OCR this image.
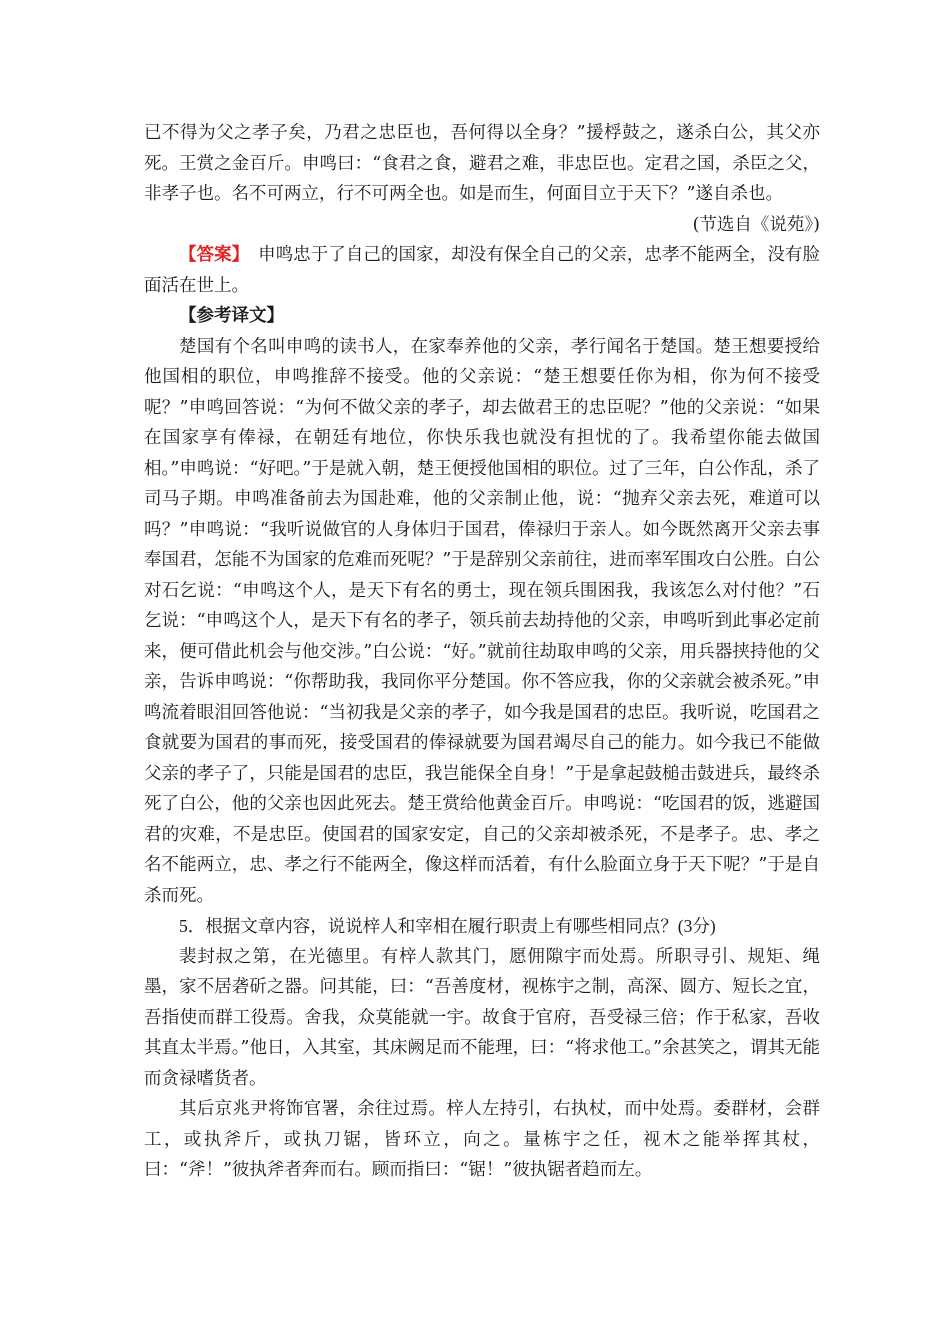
已不得为父之孝子矣，乃君之忠臣也，吾何得以全身？”援桴鼓之，遂杀白公，其父亦死。王赏之金百斤。申鸣曰：“食君之食，避君之难，非忠臣也。定君之国，杀臣之父，非孝子也。名不可两立，行不可两全也。如是而生，何面目立于天下？”遂自杀也。

(节选自《说苑》)

【答案】　 申鸣忠于了自己的国家，却没有保全自己的父亲，忠孝不能两全，没有脸面活在世上。

【参考译文】

楚国有个名叫申鸣的读书人，在家奉养他的父亲，孝行闻名于楚国。楚王想要授给他国相的职位，申鸣推辞不接受。他的父亲说：“楚王想要任你为相，你为何不接受呢？”申鸣回答说：“为何不做父亲的孝子，却去做君王的忠臣呢？”他的父亲说：“如果在国家享有俸禄，在朝廷有地位，你快乐我也就没有担忧的了。我希望你能去做国相。”申鸣说：“好吧。”于是就入朝，楚王便授他国相的职位。过了三年，白公作乱，杀了司马子期。申鸣准备前去为国赴难，他的父亲制止他，说：“抛弃父亲去死，难道可以吗？”申鸣说：“我听说做官的人身体归于国君，俸禄归于亲人。如今既然离开父亲去事奉国君，怎能不为国家的危难而死呢？”于是辞别父亲前往，进而率军围攻白公胜。白公对石乞说：“申鸣这个人，是天下有名的勇士，现在领兵围困我，我该怎么对付他？”石乞说：“申鸣这个人，是天下有名的孝子，领兵前去劫持他的父亲，申鸣听到此事必定前来，便可借此机会与他交涉。”白公说：“好。”就前往劫取申鸣的父亲，用兵器挟持他的父亲，告诉申鸣说：“你帮助我，我同你平分楚国。你不答应我，你的父亲就会被杀死。”申鸣流着眼泪回答他说：“当初我是父亲的孝子，如今我是国君的忠臣。我听说，吃国君之食就要为国君的事而死，接受国君的俸禄就要为国君竭尽自己的能力。如今我已不能做父亲的孝子了，只能是国君的忠臣，我岂能保全自身！”于是拿起鼓槌击鼓进兵，最终杀死了白公，他的父亲也因此死去。楚王赏给他黄金百斤。申鸣说：“吃国君的饭，逃避国君的灾难，不是忠臣。使国君的国家安定，自己的父亲却被杀死，不是孝子。忠、孝之名不能两立，忠、孝之行不能两全，像这样而活着，有什么脸面立身于天下呢？”于是自杀而死。

5．根据文章内容，说说梓人和宰相在履行职责上有哪些相同点？(3分)

裴封叔之第，在光德里。有梓人款其门，愿佣隙宇而处焉。所职寻引、规矩、绳墨，家不居砻斫之器。问其能，曰：“吾善度材，视栋宇之制，高深、圆方、短长之宜，吾指使而群工役焉。舍我，众莫能就一宇。故食于官府，吾受禄三倍；作于私家，吾收其直太半焉。”他日，入其室，其床阙足而不能理，曰：“将求他工。”余甚笑之，谓其无能而贪禄嗜货者。

其后京兆尹将饰官署，余往过焉。梓人左持引，右执杖，而中处焉。委群材，会群工，或执斧斤，或执刀锯，皆环立，向之。量栋宇之任，视木之能举挥其杖，曰：“斧！”彼执斧者奔而右。顾而指曰：“锯！”彼执锯者趋而左。
